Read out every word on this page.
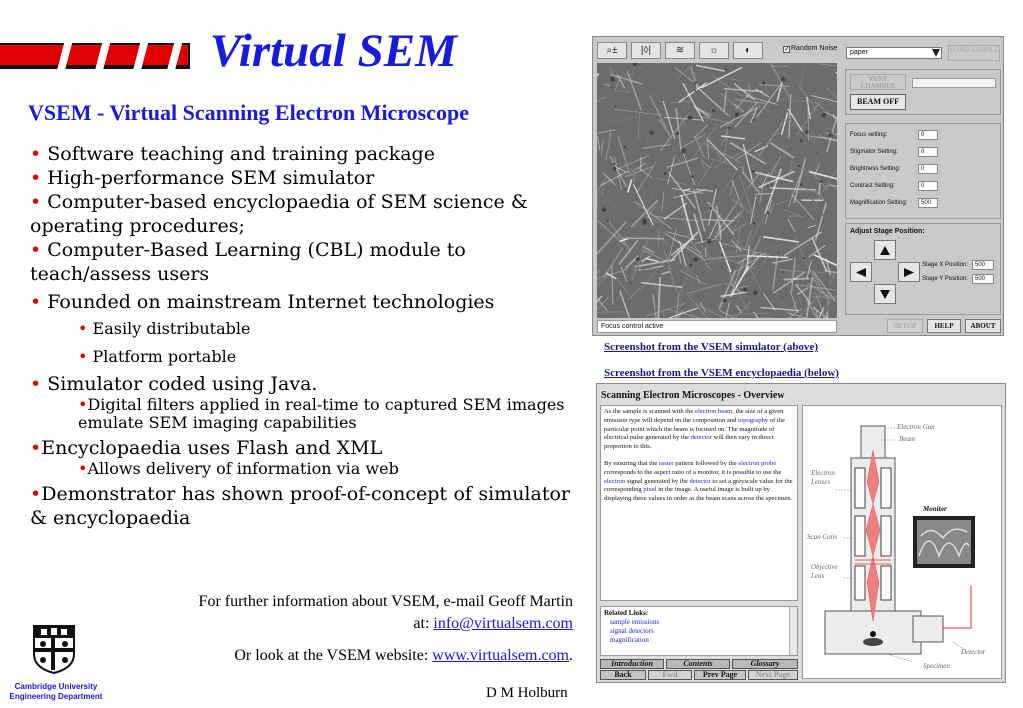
Virtual SEM
VSEM - Virtual Scanning Electron Microscope
• Software teaching and training package
• High-performance SEM simulator
• Computer-based encyclopaedia of SEM science & operating procedures;
• Computer-Based Learning (CBL) module to teach/assess users
• Founded on mainstream Internet technologies
• Easily distributable
• Platform portable
• Simulator coded using Java.
•Digital filters applied in real-time to captured SEM images emulate SEM imaging capabilities
•Encyclopaedia uses Flash and XML
•Allows delivery of information via web
•Demonstrator has shown proof-of-concept of simulator & encyclopaedia
For further information about VSEM, e-mail Geoff Martin
at: info@virtualsem.com
Or look at the VSEM website: www.virtualsem.com.
Cambridge University
Engineering Department	D M Holburn
⌕±	|◊|	≋	☼	◐	✓ Random Noise
Focus control active
paper	LOAD SAMPLE
VENT CHAMBER
BEAM OFF
Focus setting:	0
Stigmator Setting:	0
Brightness Setting:	0
Contrast Setting:	0
Magnification Setting:	500
Adjust Stage Position:
Stage X Position:	500
Stage Y Position:	500
SETUP	HELP	ABOUT
Screenshot from the VSEM simulator (above)
Screenshot from the VSEM encyclopaedia (below)
Scanning Electron Microscopes - Overview

As the sample is scanned with the electron beam, the size of a given emission type will depend on the composition and topography of the particular point which the beam is focused on. The magnitude of electrical pulse generated by the detector will then vary in direct proportion to this.

By ensuring that the raster pattern followed by the electron probe corresponds to the aspect ratio of a monitor, it is possible to use the electron signal generated by the detector to set a greyscale value for the corresponding pixel in the image. A useful image is built up by displaying these values in order as the beam scans across the specimen.

Related Links:
sample emissions
signal detectors
magnification
Introduction	Contents	Glossary
Back	Fwd	Prev Page	Next Page
Electron Gun
Beam
Electron Lenses
Monitor
Scan Coils
Objective Lens
Detector
Specimen
